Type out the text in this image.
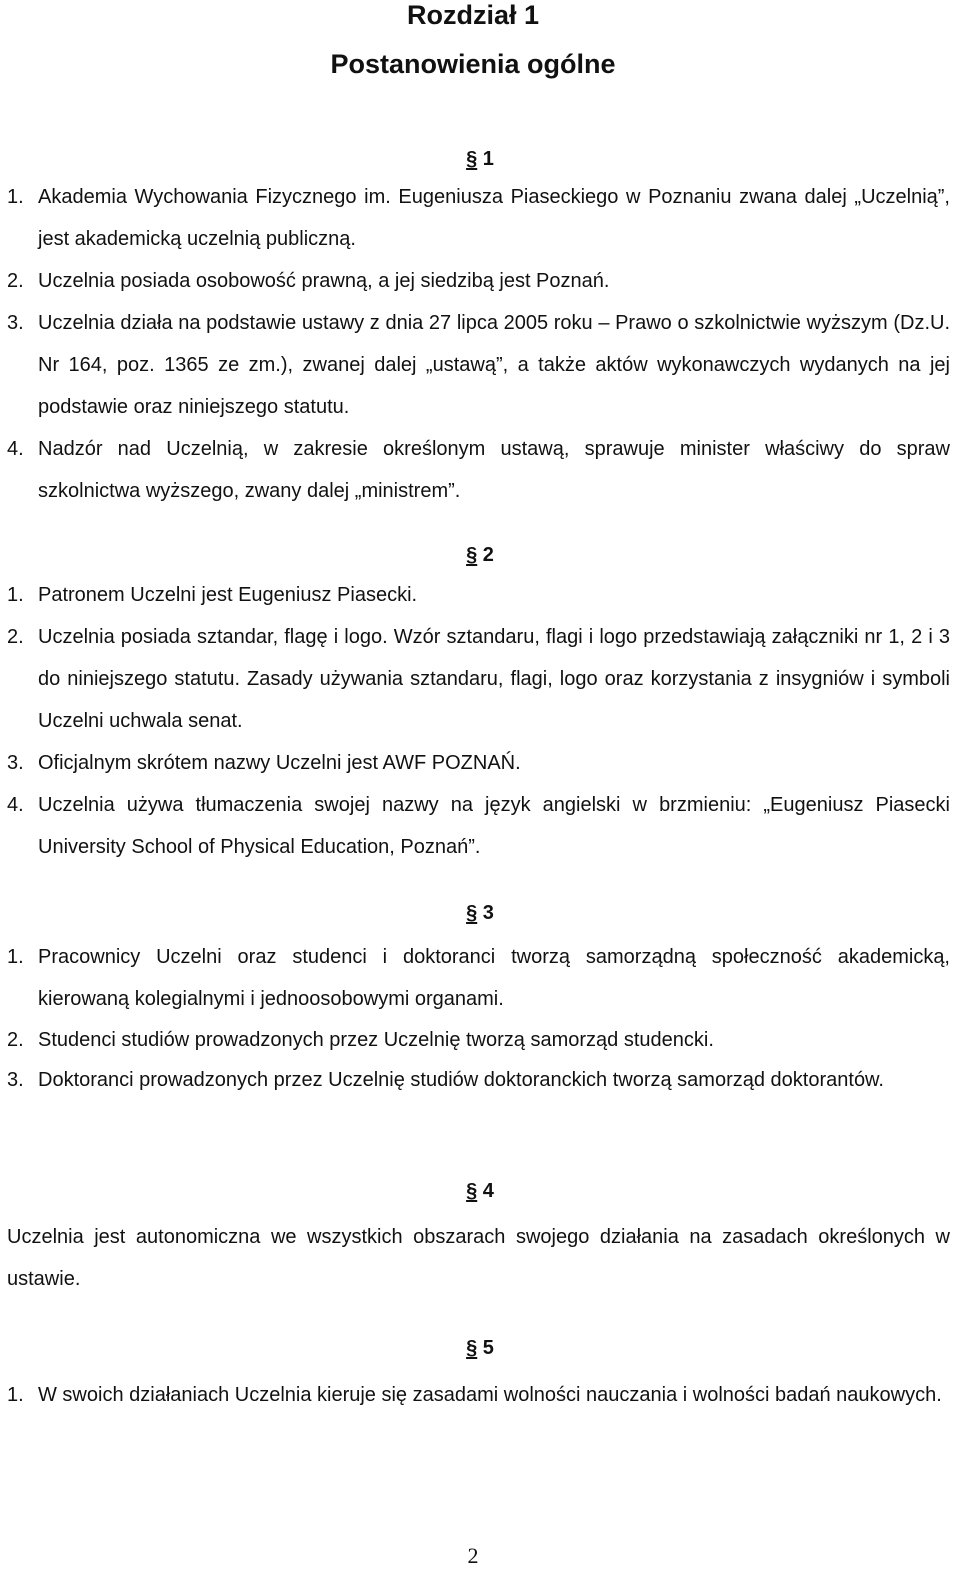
Rozdział 1
Postanowienia ogólne
§ 1
1. Akademia Wychowania Fizycznego im. Eugeniusza Piaseckiego w Poznaniu zwana dalej „Uczelnią”, jest akademicką uczelnią publiczną.
2. Uczelnia posiada osobowość prawną, a jej siedzibą jest Poznań.
3. Uczelnia działa na podstawie ustawy z dnia 27 lipca 2005 roku – Prawo o szkolnictwie wyższym (Dz.U. Nr 164, poz. 1365 ze zm.), zwanej dalej „ustawą”, a także aktów wykonawczych wydanych na jej podstawie oraz niniejszego statutu.
4. Nadzór nad Uczelnią, w zakresie określonym ustawą, sprawuje minister właściwy do spraw szkolnictwa wyższego, zwany dalej „ministrem”.
§ 2
1. Patronem Uczelni jest Eugeniusz Piasecki.
2. Uczelnia posiada sztandar, flagę i logo. Wzór sztandaru, flagi i logo przedstawiają załączniki nr 1, 2 i 3 do niniejszego statutu. Zasady używania sztandaru, flagi, logo oraz korzystania z insygniów i symboli Uczelni uchwala senat.
3. Oficjalnym skrótem nazwy Uczelni jest AWF POZNAŃ.
4. Uczelnia używa tłumaczenia swojej nazwy na język angielski w brzmieniu: „Eugeniusz Piasecki University School of Physical Education, Poznań”.
§ 3
1. Pracownicy Uczelni oraz studenci i doktoranci tworzą samorządną społeczność akademicką, kierowaną kolegialnymi i jednoosobowymi organami.
2. Studenci studiów prowadzonych przez Uczelnię tworzą samorząd studencki.
3. Doktoranci prowadzonych przez Uczelnię studiów doktoranckich tworzą samorząd doktorantów.
§ 4
Uczelnia jest autonomiczna we wszystkich obszarach swojego działania na zasadach określonych w ustawie.
§ 5
1. W swoich działaniach Uczelnia kieruje się zasadami wolności nauczania i wolności badań naukowych.
2
